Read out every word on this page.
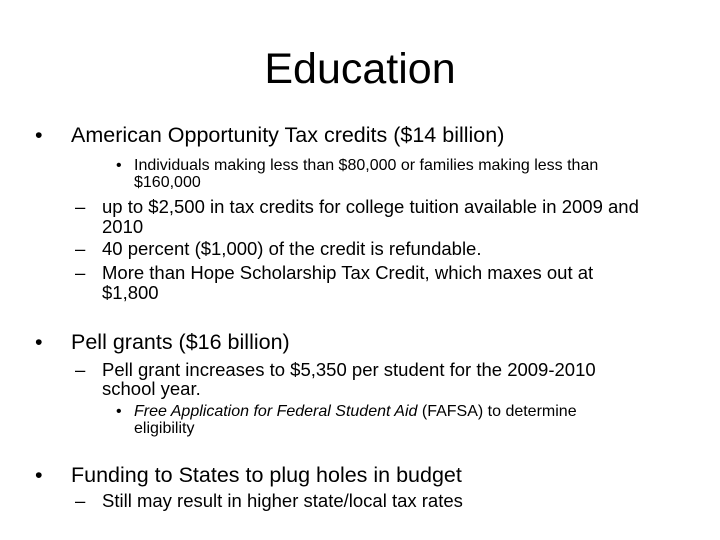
Education
• American Opportunity Tax credits ($14 billion)
• Individuals making less than $80,000 or families making less than
$160,000
– up to $2,500 in tax credits for college tuition available in 2009 and
2010
– 40 percent ($1,000) of the credit is refundable.
– More than Hope Scholarship Tax Credit, which maxes out at
$1,800
• Pell grants ($16 billion)
– Pell grant increases to $5,350 per student for the 2009-2010
school year.
• Free Application for Federal Student Aid (FAFSA) to determine
eligibility
• Funding to States to plug holes in budget
– Still may result in higher state/local tax rates
